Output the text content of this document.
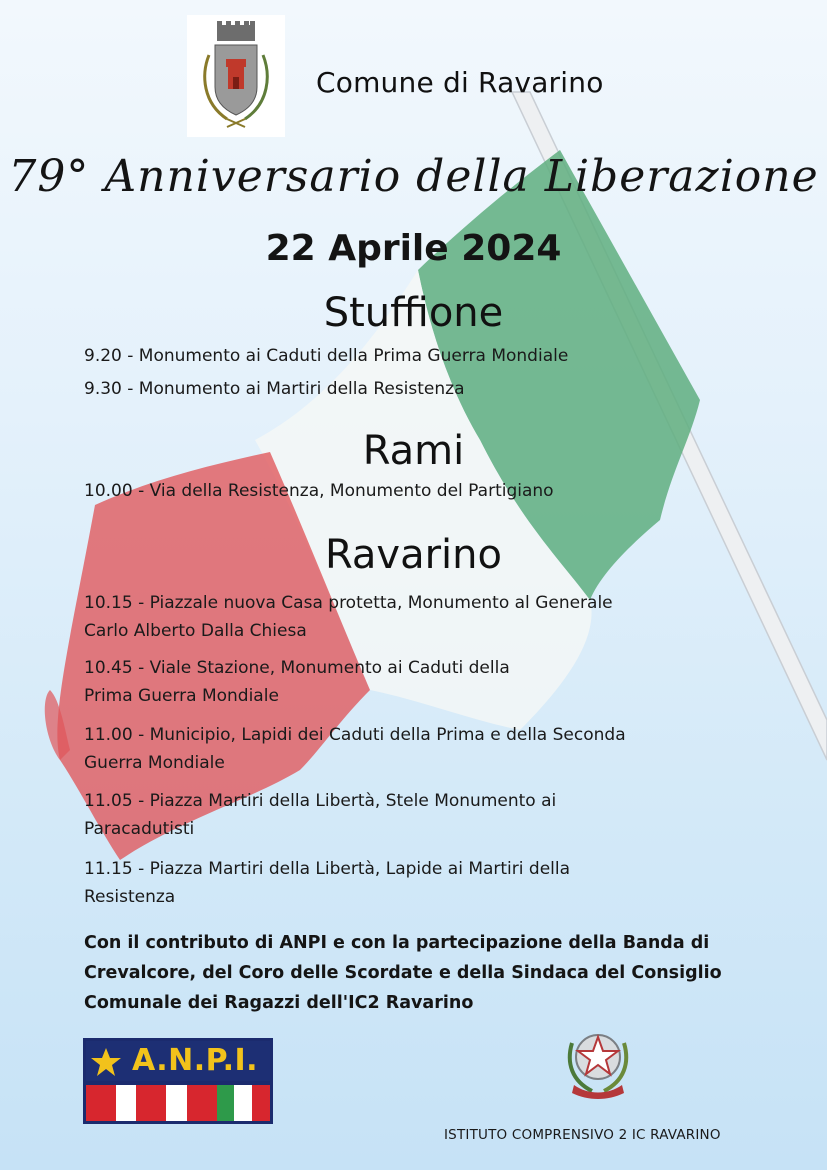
Comune di Ravarino
79° Anniversario della Liberazione
22 Aprile 2024
Stuffione
9.20 - Monumento ai Caduti della Prima Guerra Mondiale
9.30 - Monumento ai Martiri della Resistenza
Rami
10.00 - Via della Resistenza, Monumento del Partigiano
Ravarino
10.15 - Piazzale nuova Casa protetta, Monumento al Generale
Carlo Alberto Dalla Chiesa
10.45 - Viale Stazione, Monumento ai Caduti della
Prima Guerra Mondiale
11.00 - Municipio, Lapidi dei Caduti della Prima e della Seconda
Guerra Mondiale
11.05 - Piazza Martiri della Libertà, Stele Monumento ai
Paracadutisti
11.15 - Piazza Martiri della Libertà, Lapide ai Martiri della
Resistenza
Con il contributo di ANPI e con la partecipazione della Banda di
Crevalcore, del Coro delle Scordate e della Sindaca del Consiglio
Comunale dei Ragazzi dell'IC2 Ravarino
A.N.P.I.
ISTITUTO COMPRENSIVO 2 IC RAVARINO
